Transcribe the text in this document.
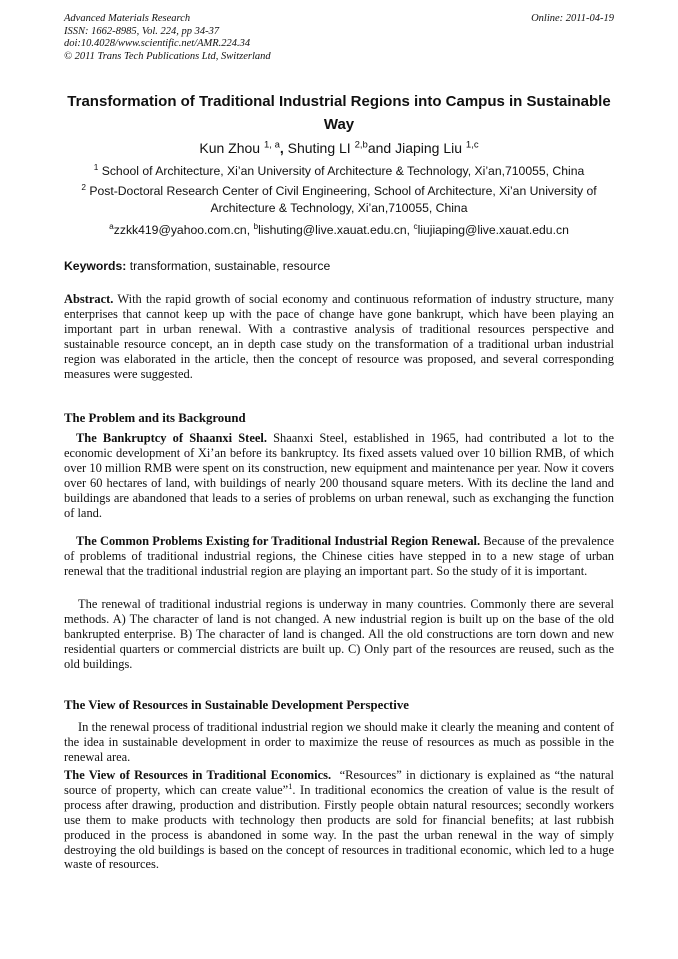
Advanced Materials Research
ISSN: 1662-8985, Vol. 224, pp 34-37
doi:10.4028/www.scientific.net/AMR.224.34
© 2011 Trans Tech Publications Ltd, Switzerland
Online: 2011-04-19
Transformation of Traditional Industrial Regions into Campus in Sustainable Way
Kun Zhou $^{1, a}$, Shuting LI $^{2,b}$and Jiaping Liu $^{1,c}$
$^1$ School of Architecture, Xi’an University of Architecture & Technology, Xi’an,710055, China
$^2$ Post-Doctoral Research Center of Civil Engineering, School of Architecture, Xi’an University of Architecture & Technology, Xi’an,710055, China
$^a$zzkk419@yahoo.com.cn, $^b$lishuting@live.xauat.edu.cn, $^c$liujiaping@live.xauat.edu.cn
Keywords: transformation, sustainable, resource
Abstract. With the rapid growth of social economy and continuous reformation of industry structure, many enterprises that cannot keep up with the pace of change have gone bankrupt, which have been playing an important part in urban renewal. With a contrastive analysis of traditional resources perspective and sustainable resource concept, an in depth case study on the transformation of a traditional urban industrial region was elaborated in the article, then the concept of resource was proposed, and several corresponding measures were suggested.
The Problem and its Background
The Bankruptcy of Shaanxi Steel. Shaanxi Steel, established in 1965, had contributed a lot to the economic development of Xi’an before its bankruptcy. Its fixed assets valued over 10 billion RMB, of which over 10 million RMB were spent on its construction, new equipment and maintenance per year. Now it covers over 60 hectares of land, with buildings of nearly 200 thousand square meters. With its decline the land and buildings are abandoned that leads to a series of problems on urban renewal, such as exchanging the function of land.
The Common Problems Existing for Traditional Industrial Region Renewal. Because of the prevalence of problems of traditional industrial regions, the Chinese cities have stepped in to a new stage of urban renewal that the traditional industrial region are playing an important part. So the study of it is important.
The renewal of traditional industrial regions is underway in many countries. Commonly there are several methods. A) The character of land is not changed. A new industrial region is built up on the base of the old bankrupted enterprise. B) The character of land is changed. All the old constructions are torn down and new residential quarters or commercial districts are built up. C) Only part of the resources are reused, such as the old buildings.
The View of Resources in Sustainable Development Perspective
In the renewal process of traditional industrial region we should make it clearly the meaning and content of the idea in sustainable development in order to maximize the reuse of resources as much as possible in the renewal area.
The View of Resources in Traditional Economics. “Resources” in dictionary is explained as “the natural source of property, which can create value”$^1$. In traditional economics the creation of value is the result of process after drawing, production and distribution. Firstly people obtain natural resources; secondly workers use them to make products with technology then products are sold for financial benefits; at last rubbish produced in the process is abandoned in some way. In the past the urban renewal in the way of simply destroying the old buildings is based on the concept of resources in traditional economic, which led to a huge waste of resources.
